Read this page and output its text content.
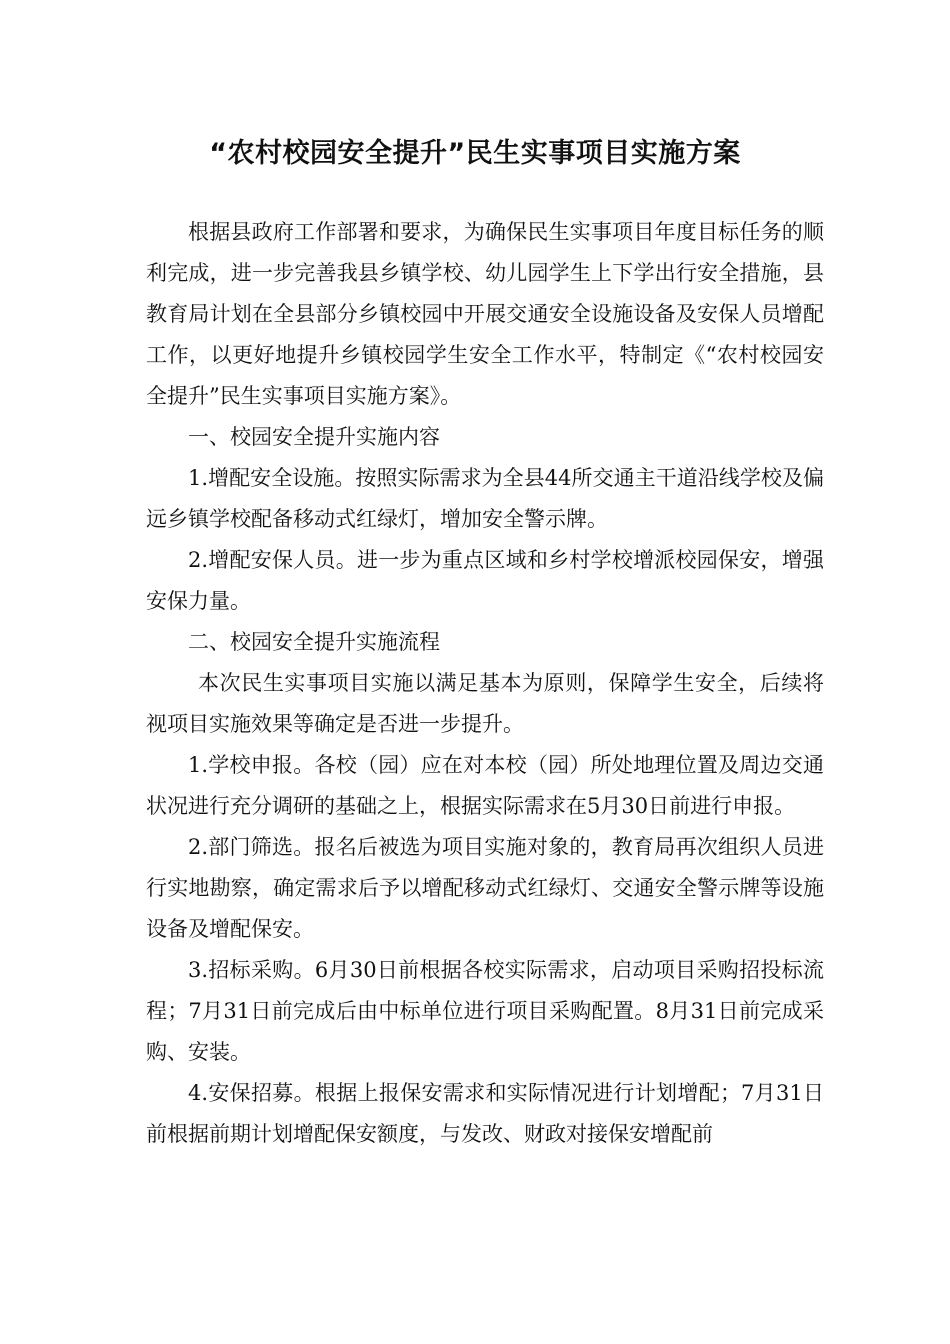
“农村校园安全提升”民生实事项目实施方案

根据县政府工作部署和要求，为确保民生实事项目年度目标任务的顺利完成，进一步完善我县乡镇学校、幼儿园学生上下学出行安全措施，县教育局计划在全县部分乡镇校园中开展交通安全设施设备及安保人员增配工作，以更好地提升乡镇校园学生安全工作水平，特制定《“农村校园安全提升”民生实事项目实施方案》。

一、校园安全提升实施内容

1.增配安全设施。按照实际需求为全县44所交通主干道沿线学校及偏远乡镇学校配备移动式红绿灯，增加安全警示牌。

2.增配安保人员。进一步为重点区域和乡村学校增派校园保安，增强安保力量。

二、校园安全提升实施流程

本次民生实事项目实施以满足基本为原则，保障学生安全，后续将视项目实施效果等确定是否进一步提升。

1.学校申报。各校（园）应在对本校（园）所处地理位置及周边交通状况进行充分调研的基础之上，根据实际需求在5月30日前进行申报。

2.部门筛选。报名后被选为项目实施对象的，教育局再次组织人员进行实地勘察，确定需求后予以增配移动式红绿灯、交通安全警示牌等设施设备及增配保安。

3.招标采购。6月30日前根据各校实际需求，启动项目采购招投标流程；7月31日前完成后由中标单位进行项目采购配置。8月31日前完成采购、安装。

4.安保招募。根据上报保安需求和实际情况进行计划增配；7月31日前根据前期计划增配保安额度，与发改、财政对接保安增配前
